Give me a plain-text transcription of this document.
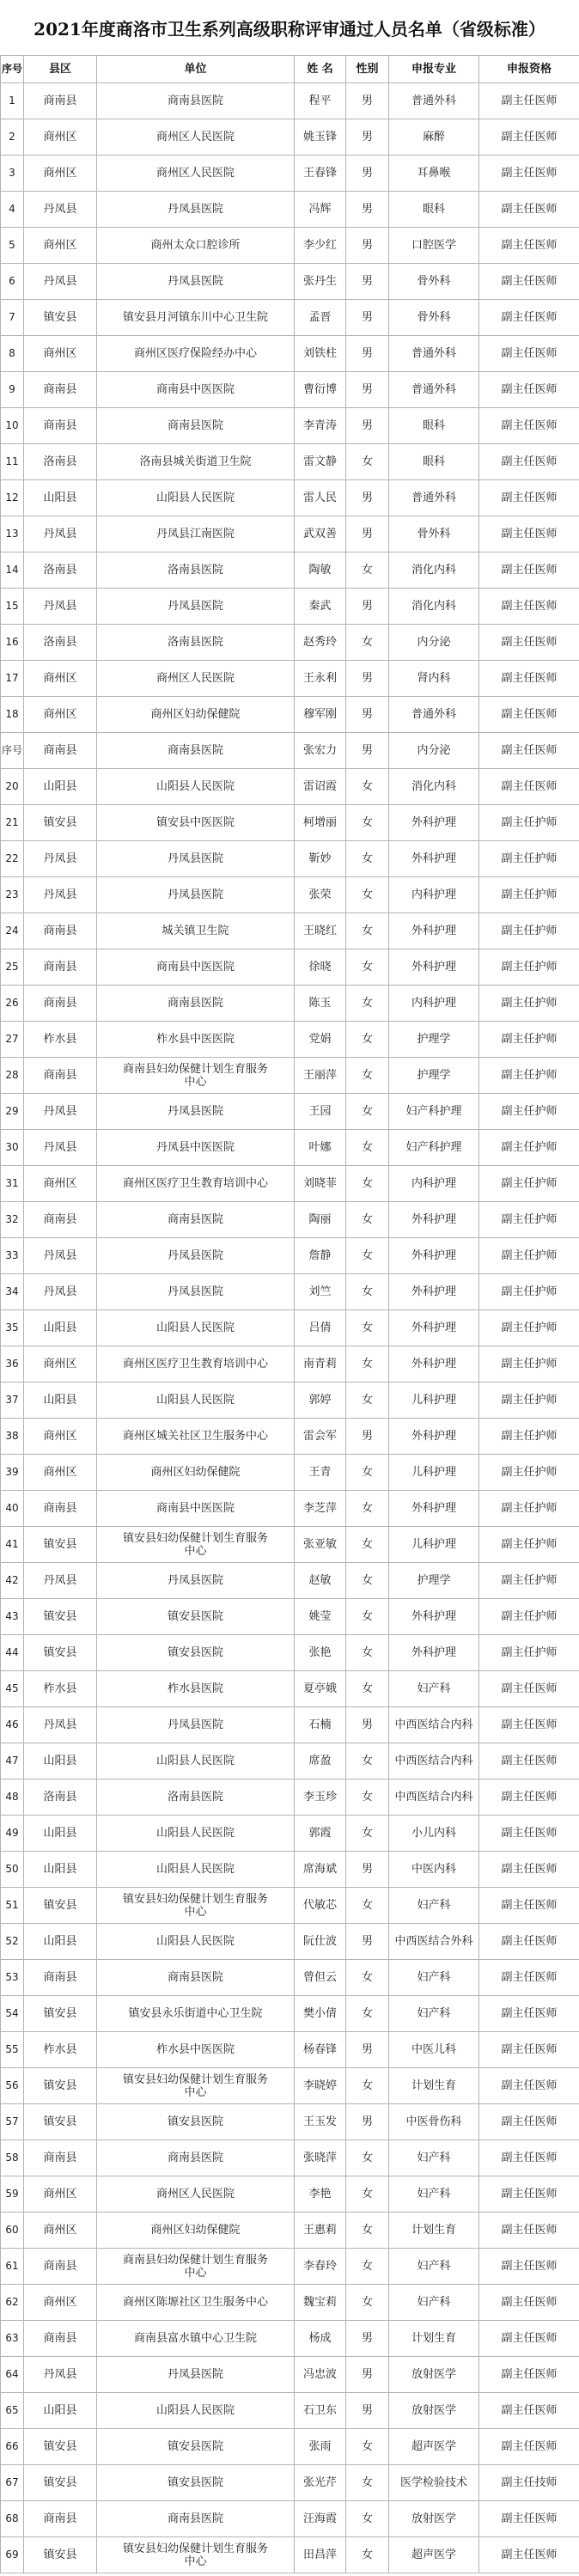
2021年度商洛市卫生系列高级职称评审通过人员名单（省级标准）
序号	县区	单位	姓 名	性别	申报专业	申报资格
1	商南县	商南县医院	程平	男	普通外科	副主任医师
2	商州区	商州区人民医院	姚玉锋	男	麻醉	副主任医师
3	商州区	商州区人民医院	王春锋	男	耳鼻喉	副主任医师
4	丹凤县	丹凤县医院	冯辉	男	眼科	副主任医师
5	商州区	商州太众口腔诊所	李少红	男	口腔医学	副主任医师
6	丹凤县	丹凤县医院	张丹生	男	骨外科	副主任医师
7	镇安县	镇安县月河镇东川中心卫生院	孟晋	男	骨外科	副主任医师
8	商州区	商州区医疗保险经办中心	刘铁柱	男	普通外科	副主任医师
9	商南县	商南县中医医院	曹衍博	男	普通外科	副主任医师
10	商南县	商南县医院	李青涛	男	眼科	副主任医师
11	洛南县	洛南县城关街道卫生院	雷文静	女	眼科	副主任医师
12	山阳县	山阳县人民医院	雷人民	男	普通外科	副主任医师
13	丹凤县	丹凤县江南医院	武双善	男	骨外科	副主任医师
14	洛南县	洛南县医院	陶敏	女	消化内科	副主任医师
15	丹凤县	丹凤县医院	秦武	男	消化内科	副主任医师
16	洛南县	洛南县医院	赵秀玲	女	内分泌	副主任医师
17	商州区	商州区人民医院	王永利	男	肾内科	副主任医师
18	商州区	商州区妇幼保健院	穆军刚	男	普通外科	副主任医师
序号	商南县	商南县医院	张宏力	男	内分泌	副主任医师
20	山阳县	山阳县人民医院	雷诏霞	女	消化内科	副主任医师
21	镇安县	镇安县中医医院	柯增丽	女	外科护理	副主任护师
22	丹凤县	丹凤县医院	靳妙	女	外科护理	副主任护师
23	丹凤县	丹凤县医院	张荣	女	内科护理	副主任护师
24	商南县	城关镇卫生院	王晓红	女	外科护理	副主任护师
25	商南县	商南县中医医院	徐晓	女	外科护理	副主任护师
26	商南县	商南县医院	陈玉	女	内科护理	副主任护师
27	柞水县	柞水县中医医院	党娟	女	护理学	副主任护师
28	商南县	商南县妇幼保健计划生育服务中心	王丽萍	女	护理学	副主任护师
29	丹凤县	丹凤县医院	王园	女	妇产科护理	副主任护师
30	丹凤县	丹凤县中医医院	叶娜	女	妇产科护理	副主任护师
31	商州区	商州区医疗卫生教育培训中心	刘晓菲	女	内科护理	副主任护师
32	商南县	商南县医院	陶丽	女	外科护理	副主任护师
33	丹凤县	丹凤县医院	詹静	女	外科护理	副主任护师
34	丹凤县	丹凤县医院	刘竺	女	外科护理	副主任护师
35	山阳县	山阳县人民医院	吕倩	女	外科护理	副主任护师
36	商州区	商州区医疗卫生教育培训中心	南青莉	女	外科护理	副主任护师
37	山阳县	山阳县人民医院	郭婷	女	儿科护理	副主任护师
38	商州区	商州区城关社区卫生服务中心	雷会军	男	外科护理	副主任护师
39	商州区	商州区妇幼保健院	王青	女	儿科护理	副主任护师
40	商南县	商南县中医医院	李芝萍	女	外科护理	副主任护师
41	镇安县	镇安县妇幼保健计划生育服务中心	张亚敏	女	儿科护理	副主任护师
42	丹凤县	丹凤县医院	赵敏	女	护理学	副主任护师
43	镇安县	镇安县医院	姚莹	女	外科护理	副主任护师
44	镇安县	镇安县医院	张艳	女	外科护理	副主任护师
45	柞水县	柞水县医院	夏亭娥	女	妇产科	副主任医师
46	丹凤县	丹凤县医院	石楠	男	中西医结合内科	副主任医师
47	山阳县	山阳县人民医院	席盈	女	中西医结合内科	副主任医师
48	洛南县	洛南县医院	李玉珍	女	中西医结合内科	副主任医师
49	山阳县	山阳县人民医院	郭霞	女	小儿内科	副主任医师
50	山阳县	山阳县人民医院	席海斌	男	中医内科	副主任医师
51	镇安县	镇安县妇幼保健计划生育服务中心	代敏芯	女	妇产科	副主任医师
52	山阳县	山阳县人民医院	阮仕波	男	中西医结合外科	副主任医师
53	商南县	商南县医院	曾但云	女	妇产科	副主任医师
54	镇安县	镇安县永乐街道中心卫生院	樊小倩	女	妇产科	副主任医师
55	柞水县	柞水县中医医院	杨春锋	男	中医儿科	副主任医师
56	镇安县	镇安县妇幼保健计划生育服务中心	李晓婷	女	计划生育	副主任医师
57	镇安县	镇安县医院	王玉发	男	中医骨伤科	副主任医师
58	商南县	商南县医院	张晓萍	女	妇产科	副主任医师
59	商州区	商州区人民医院	李艳	女	妇产科	副主任医师
60	商州区	商州区妇幼保健院	王惠莉	女	计划生育	副主任医师
61	商南县	商南县妇幼保健计划生育服务中心	李春玲	女	妇产科	副主任医师
62	商州区	商州区陈塬社区卫生服务中心	魏宝莉	女	妇产科	副主任医师
63	商南县	商南县富水镇中心卫生院	杨成	男	计划生育	副主任医师
64	丹凤县	丹凤县医院	冯忠波	男	放射医学	副主任医师
65	山阳县	山阳县人民医院	石卫东	男	放射医学	副主任医师
66	镇安县	镇安县医院	张雨	女	超声医学	副主任医师
67	镇安县	镇安县医院	张光芹	女	医学检验技术	副主任技师
68	商南县	商南县医院	汪海霞	女	放射医学	副主任医师
69	镇安县	镇安县妇幼保健计划生育服务中心	田昌萍	女	超声医学	副主任医师
